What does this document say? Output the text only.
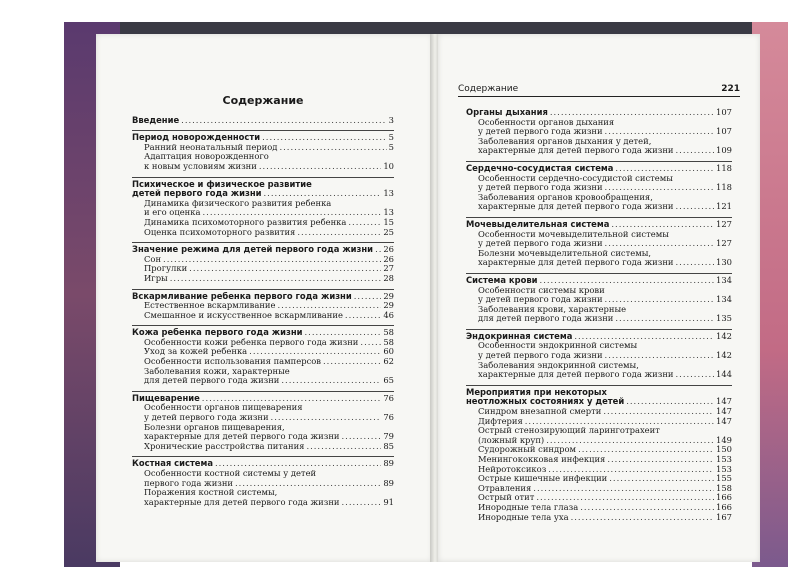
Содержание
Введение .....	3
Период новорожденности .....	5
Ранний неонатальный период .....	5
Адаптация новорожденного
к новым условиям жизни .....	10
Психическое и физическое развитие
детей первого года жизни .....	13
Динамика физического развития ребенка
и его оценка .....	13
Динамика психомоторного развития ребенка .....	15
Оценка психомоторного развития .....	25
Значение режима для детей первого года жизни ..... 26
Сон .....	26
Прогулки .....	27
Игры .....	28
Вскармливание ребенка первого года жизни .....	29
Естественное вскармливание .....	29
Смешанное и искусственное вскармливание .....	46
Кожа ребенка первого года жизни .....	58
Особенности кожи ребенка первого года жизни .....	58
Уход за кожей ребенка .....	60
Особенности использования памперсов .....	62
Заболевания кожи, характерные
для детей первого года жизни .....	65
Пищеварение .....	76
Особенности органов пищеварения
у детей первого года жизни .....	76
Болезни органов пищеварения,
характерные для детей первого года жизни .....	79
Хронические расстройства питания .....	85
Костная система .....	89
Особенности костной системы у детей
первого года жизни .....	89
Поражения костной системы,
характерные для детей первого года жизни .....	91
Содержание	221
Органы дыхания .....	107
Особенности органов дыхания
у детей первого года жизни .....	107
Заболевания органов дыхания у детей,
характерные для детей первого года жизни .....	109
Сердечно-сосудистая система .....	118
Особенности сердечно-сосудистой системы
у детей первого года жизни .....	118
Заболевания органов кровообращения,
характерные для детей первого года жизни .....	121
Мочевыделительная система .....	127
Особенности мочевыделительной системы
у детей первого года жизни .....	127
Болезни мочевыделительной системы,
характерные для детей первого года жизни .....	130
Система крови .....	134
Особенности системы крови
у детей первого года жизни .....	134
Заболевания крови, характерные
для детей первого года жизни .....	135
Эндокринная система .....	142
Особенности эндокринной системы
у детей первого года жизни .....	142
Заболевания эндокринной системы,
характерные для детей первого года жизни .....	144
Мероприятия при некоторых
неотложных состояниях у детей .....	147
Синдром внезапной смерти .....	147
Дифтерия .....	147
Острый стенозирующий ларинготрахеит
(ложный круп) .....	149
Судорожный синдром .....	150
Менингококковая инфекция .....	153
Нейротоксикоз .....	153
Острые кишечные инфекции .....	155
Отравления .....	158
Острый отит .....	166
Инородные тела глаза .....	166
Инородные тела уха .....	167
